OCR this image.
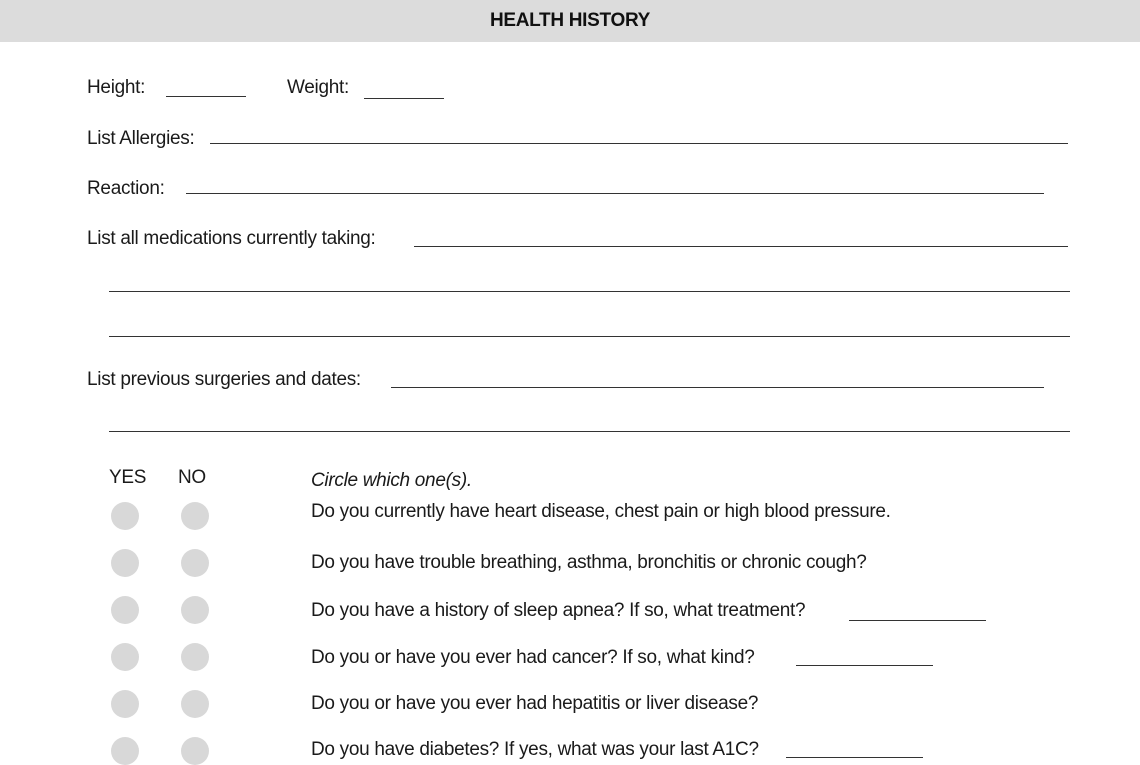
HEALTH HISTORY
Height:	Weight:
List Allergies:
Reaction:
List all medications currently taking:
List previous surgeries and dates:
YES NO	Circle which one(s).
Do you currently have heart disease, chest pain or high blood pressure.
Do you have trouble breathing, asthma, bronchitis or chronic cough?
Do you have a history of sleep apnea? If so, what treatment?
Do you or have you ever had cancer? If so, what kind?
Do you or have you ever had hepatitis or liver disease?
Do you have diabetes? If yes, what was your last A1C?
